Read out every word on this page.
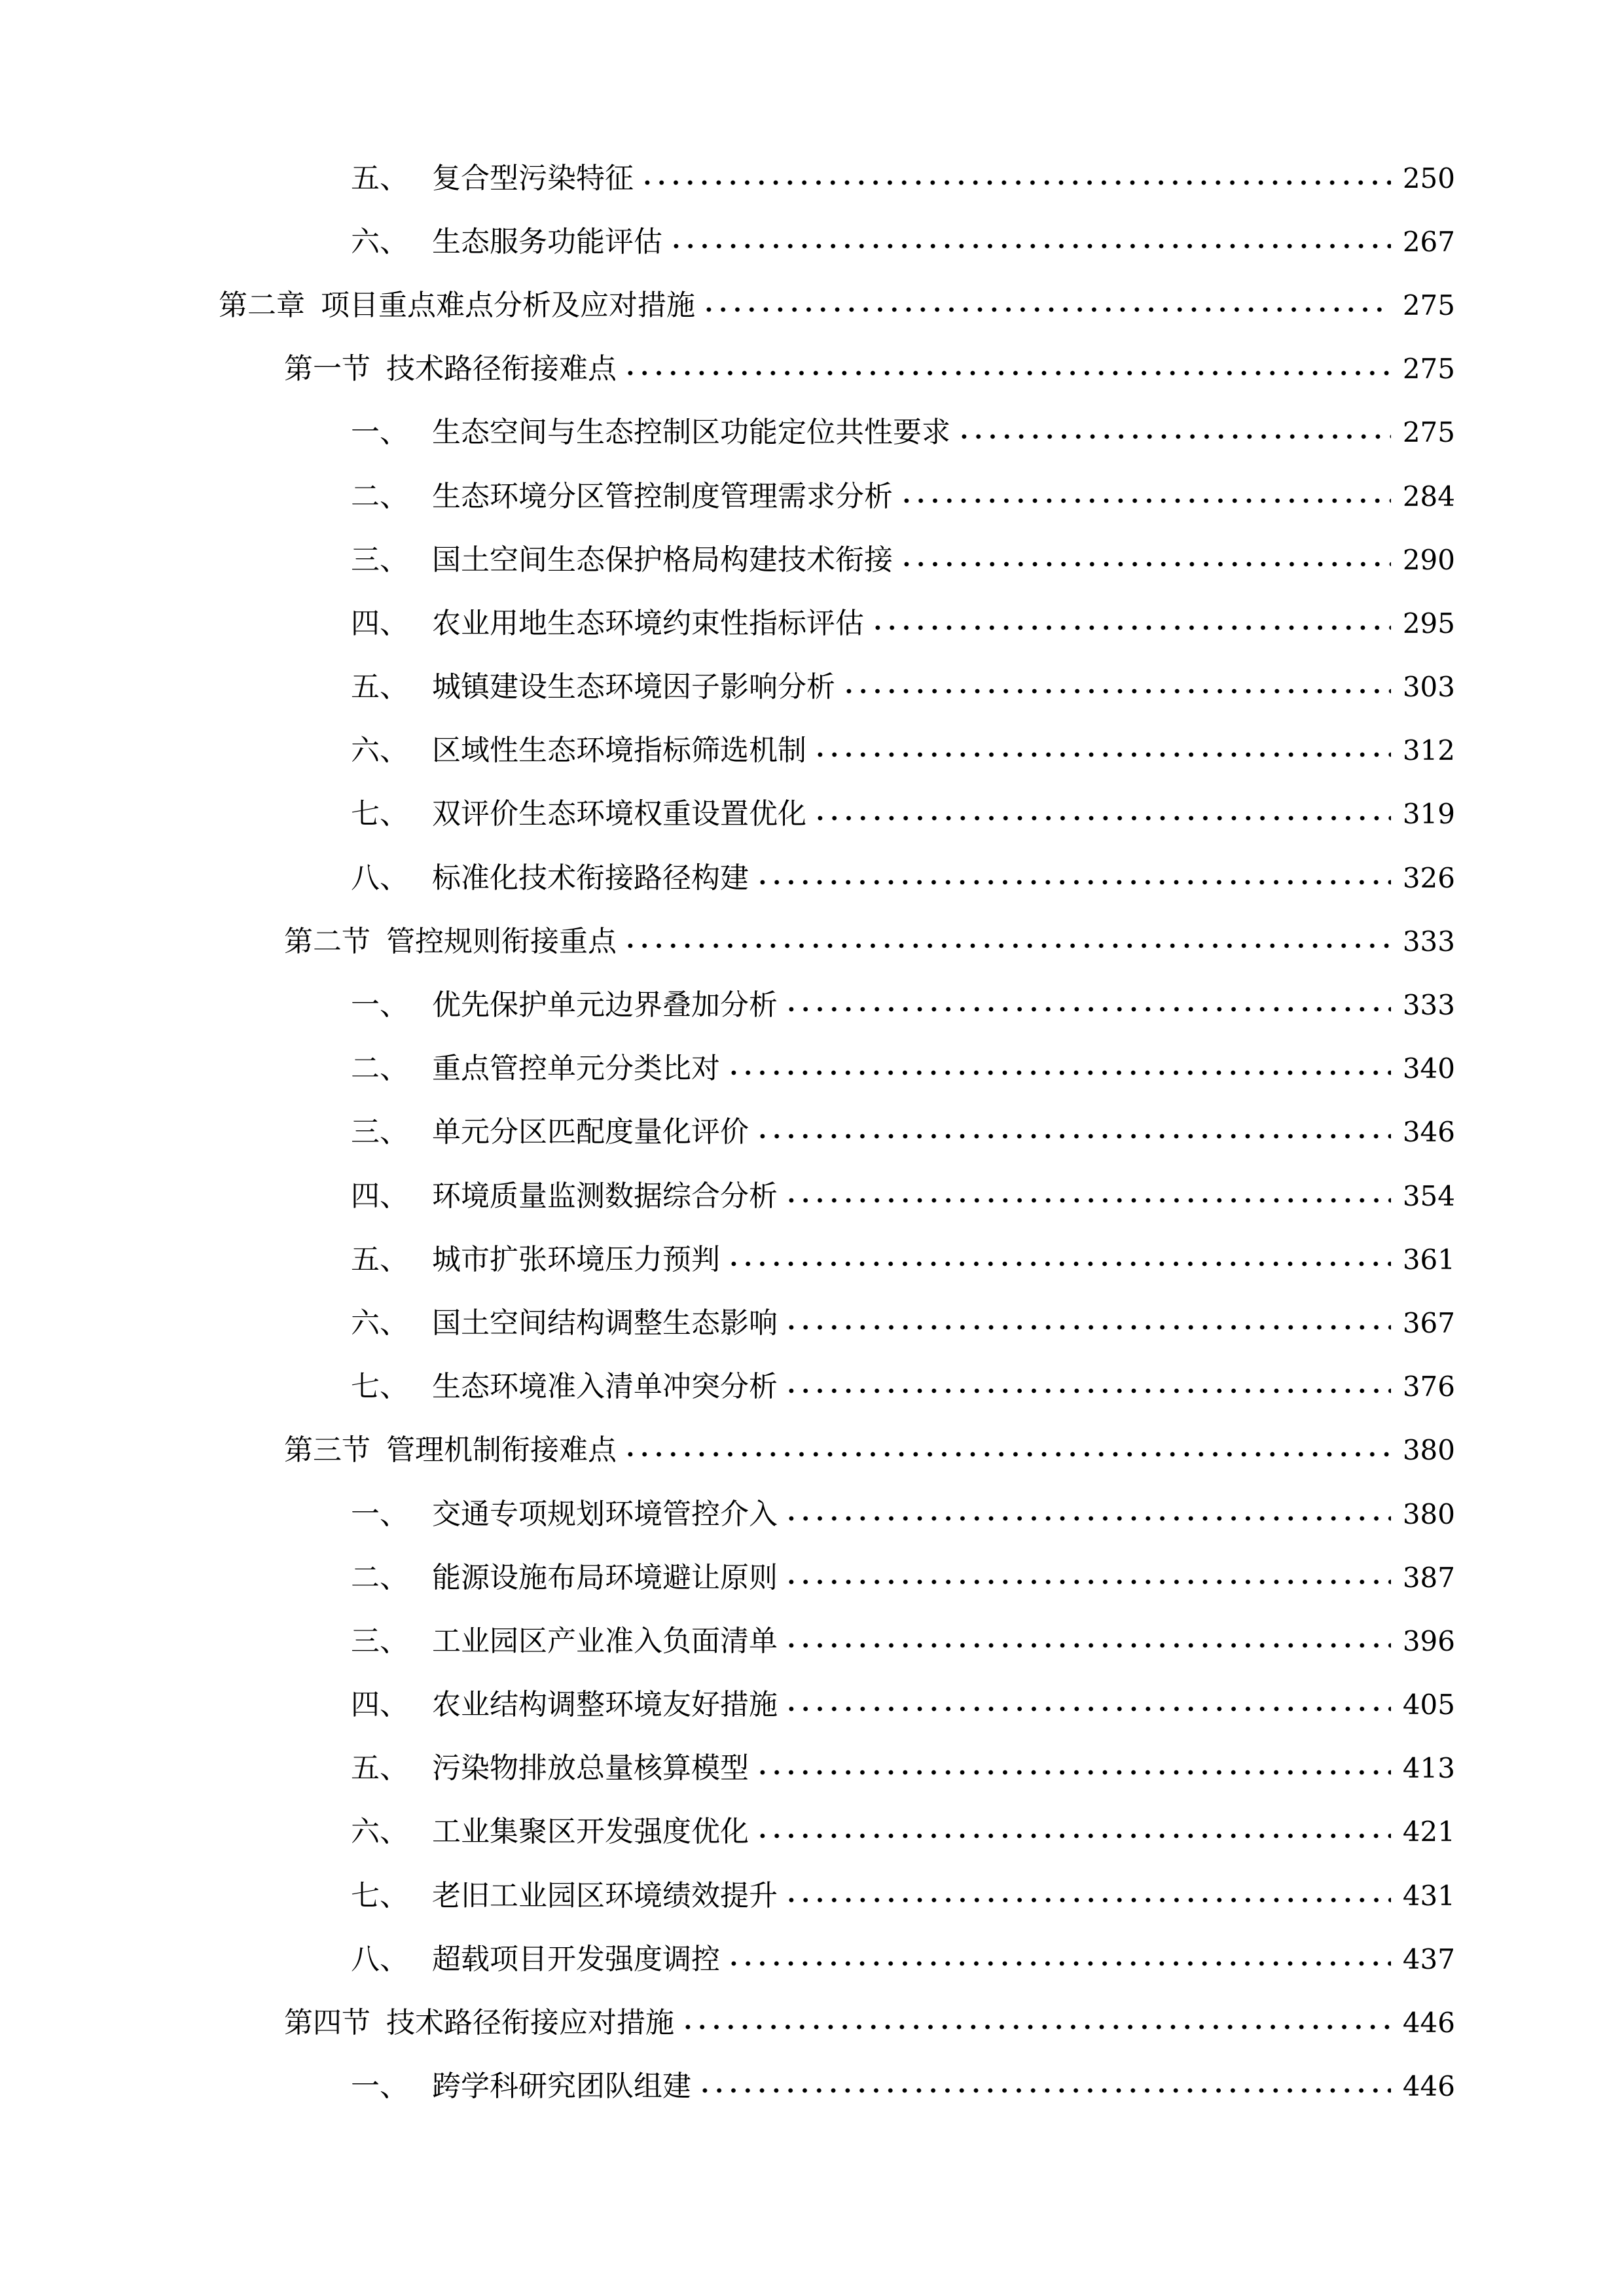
五、 复合型污染特征	250
六、 生态服务功能评估	267
第二章 项目重点难点分析及应对措施	275
第一节 技术路径衔接难点	275
一、 生态空间与生态控制区功能定位共性要求	275
二、 生态环境分区管控制度管理需求分析	284
三、 国土空间生态保护格局构建技术衔接	290
四、 农业用地生态环境约束性指标评估	295
五、 城镇建设生态环境因子影响分析	303
六、 区域性生态环境指标筛选机制	312
七、 双评价生态环境权重设置优化	319
八、 标准化技术衔接路径构建	326
第二节 管控规则衔接重点	333
一、 优先保护单元边界叠加分析	333
二、 重点管控单元分类比对	340
三、 单元分区匹配度量化评价	346
四、 环境质量监测数据综合分析	354
五、 城市扩张环境压力预判	361
六、 国土空间结构调整生态影响	367
七、 生态环境准入清单冲突分析	376
第三节 管理机制衔接难点	380
一、 交通专项规划环境管控介入	380
二、 能源设施布局环境避让原则	387
三、 工业园区产业准入负面清单	396
四、 农业结构调整环境友好措施	405
五、 污染物排放总量核算模型	413
六、 工业集聚区开发强度优化	421
七、 老旧工业园区环境绩效提升	431
八、 超载项目开发强度调控	437
第四节 技术路径衔接应对措施	446
一、 跨学科研究团队组建	446
